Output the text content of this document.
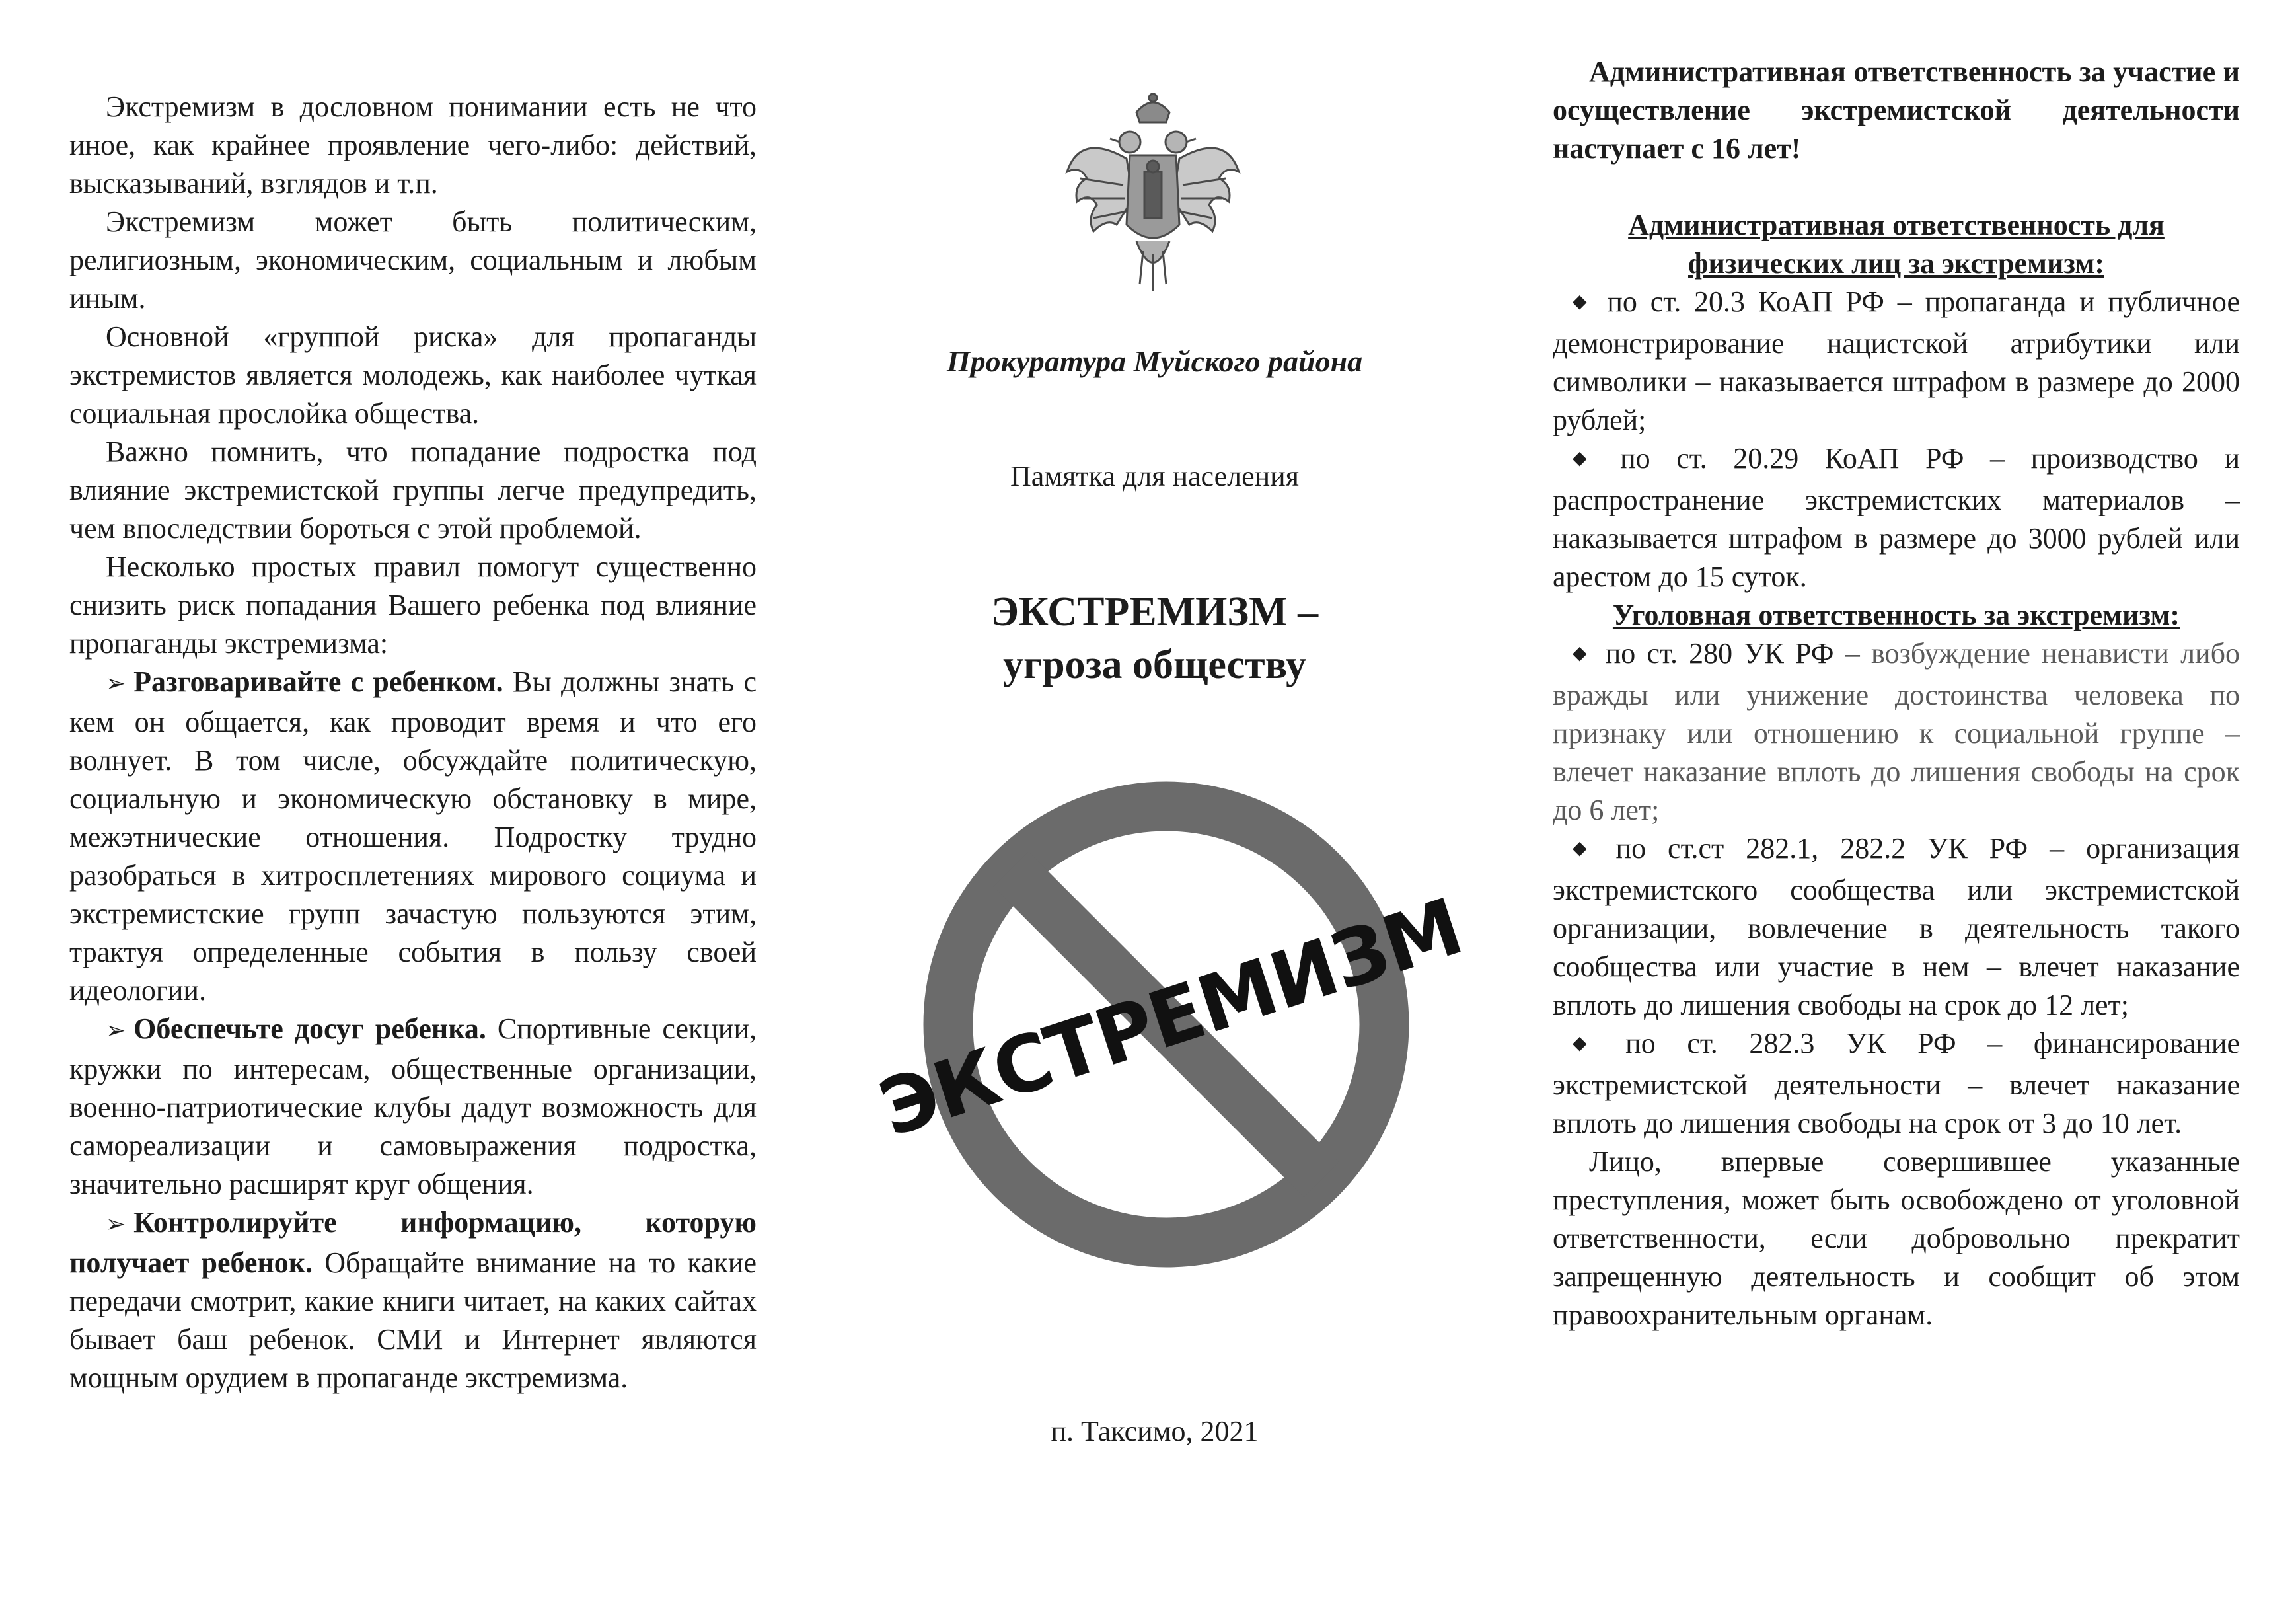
Экстремизм в дословном понимании есть не что иное, как крайнее проявление чего-либо: действий, высказываний, взглядов и т.п.

Экстремизм может быть политическим, религиозным, экономическим, социальным и любым иным.

Основной «группой риска» для пропаганды экстремистов является молодежь, как наиболее чуткая социальная прослойка общества.

Важно помнить, что попадание подростка под влияние экстремистской группы легче предупредить, чем впоследствии бороться с этой проблемой.

Несколько простых правил помогут существенно снизить риск попадания Вашего ребенка под влияние пропаганды экстремизма:

➢ Разговаривайте с ребенком. Вы должны знать с кем он общается, как проводит время и что его волнует. В том числе, обсуждайте политическую, социальную и экономическую обстановку в мире, межэтнические отношения. Подростку трудно разобраться в хитросплетениях мирового социума и экстремистские групп зачастую пользуются этим, трактуя определенные события в пользу своей идеологии.

➢ Обеспечьте досуг ребенка. Спортивные секции, кружки по интересам, общественные организации, военно-патриотические клубы дадут возможность для самореализации и самовыражения подростка, значительно расширят круг общения.

➢ Контролируйте информацию, которую получает ребенок. Обращайте внимание на то какие передачи смотрит, какие книги читает, на каких сайтах бывает баш ребенок. СМИ и Интернет являются мощным орудием в пропаганде экстремизма.

Прокуратура Муйского района
Памятка для населения
ЭКСТРЕМИЗМ –
угроза обществу
ЭКСТРЕМИЗМ
п. Таксимо, 2021

Административная ответственность за участие и осуществление экстремистской деятельности наступает с 16 лет!

Административная ответственность для физических лиц за экстремизм:

◆ по ст. 20.3 КоАП РФ – пропаганда и публичное демонстрирование нацистской атрибутики или символики – наказывается штрафом в размере до 2000 рублей;

◆ по ст. 20.29 КоАП РФ – производство и распространение экстремистских материалов – наказывается штрафом в размере до 3000 рублей или арестом до 15 суток.

Уголовная ответственность за экстремизм:

◆ по ст. 280 УК РФ – возбуждение ненависти либо вражды или унижение достоинства человека по признаку или отношению к социальной группе – влечет наказание вплоть до лишения свободы на срок до 6 лет;

◆ по ст.ст 282.1, 282.2 УК РФ – организация экстремистского сообщества или экстремистской организации, вовлечение в деятельность такого сообщества или участие в нем – влечет наказание вплоть до лишения свободы на срок до 12 лет;

◆ по ст. 282.3 УК РФ – финансирование экстремистской деятельности – влечет наказание вплоть до лишения свободы на срок от 3 до 10 лет.

Лицо, впервые совершившее указанные преступления, может быть освобождено от уголовной ответственности, если добровольно прекратит запрещенную деятельность и сообщит об этом правоохранительным органам.
